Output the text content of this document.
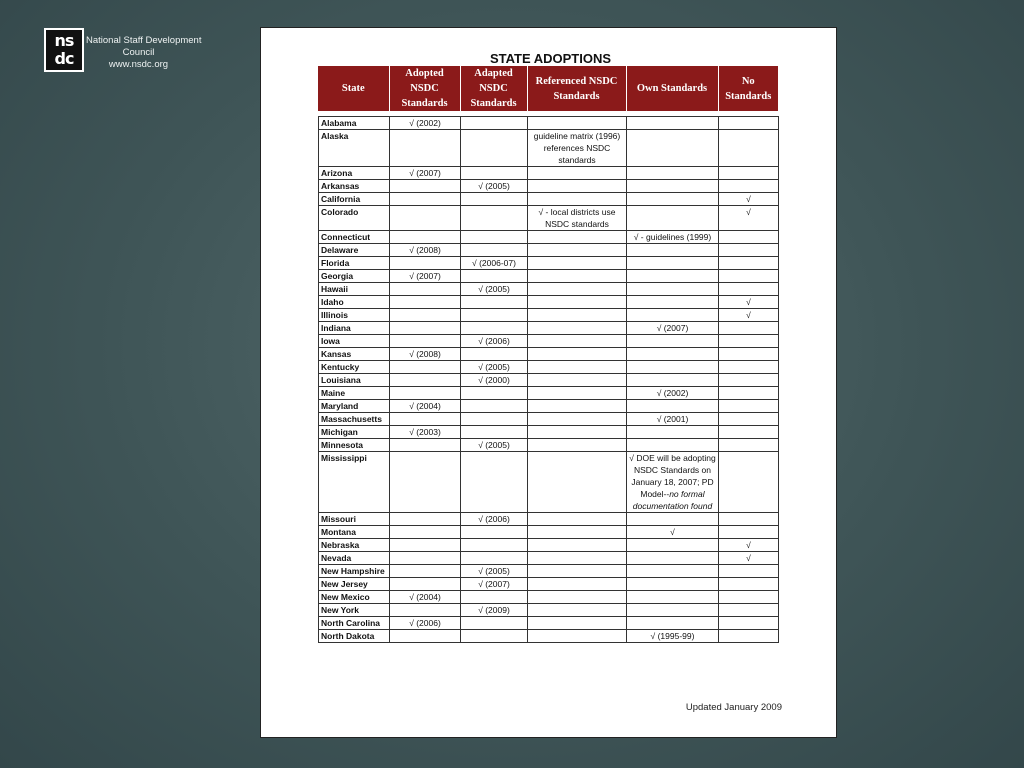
ns
dc
National Staff Development
Council
www.nsdc.org	STATE ADOPTIONS
State	Adopted NSDC Standards	Adapted NSDC Standards	Referenced NSDC Standards	Own Standards	No Standards
Alabama	√ (2002)				
Alaska			guideline matrix (1996) references NSDC standards		
Arizona	√ (2007)				
Arkansas		√ (2005)			
California					√
Colorado			√ - local districts use NSDC standards		√
Connecticut				√ - guidelines (1999)	
Delaware	√ (2008)				
Florida		√ (2006-07)			
Georgia	√ (2007)				
Hawaii		√ (2005)			
Idaho					√
Illinois					√
Indiana				√ (2007)	
Iowa		√ (2006)			
Kansas	√ (2008)				
Kentucky		√ (2005)			
Louisiana		√ (2000)			
Maine				√ (2002)	
Maryland	√ (2004)				
Massachusetts				√ (2001)	
Michigan	√ (2003)				
Minnesota		√ (2005)			
Mississippi				√ DOE will be adopting NSDC Standards on January 18, 2007; PD Model--no formal documentation found	
Missouri		√ (2006)			
Montana				√	
Nebraska					√
Nevada					√
New Hampshire		√ (2005)			
New Jersey		√ (2007)			
New Mexico	√ (2004)				
New York		√ (2009)			
North Carolina	√ (2006)				
North Dakota				√ (1995-99)	
Updated January 2009
